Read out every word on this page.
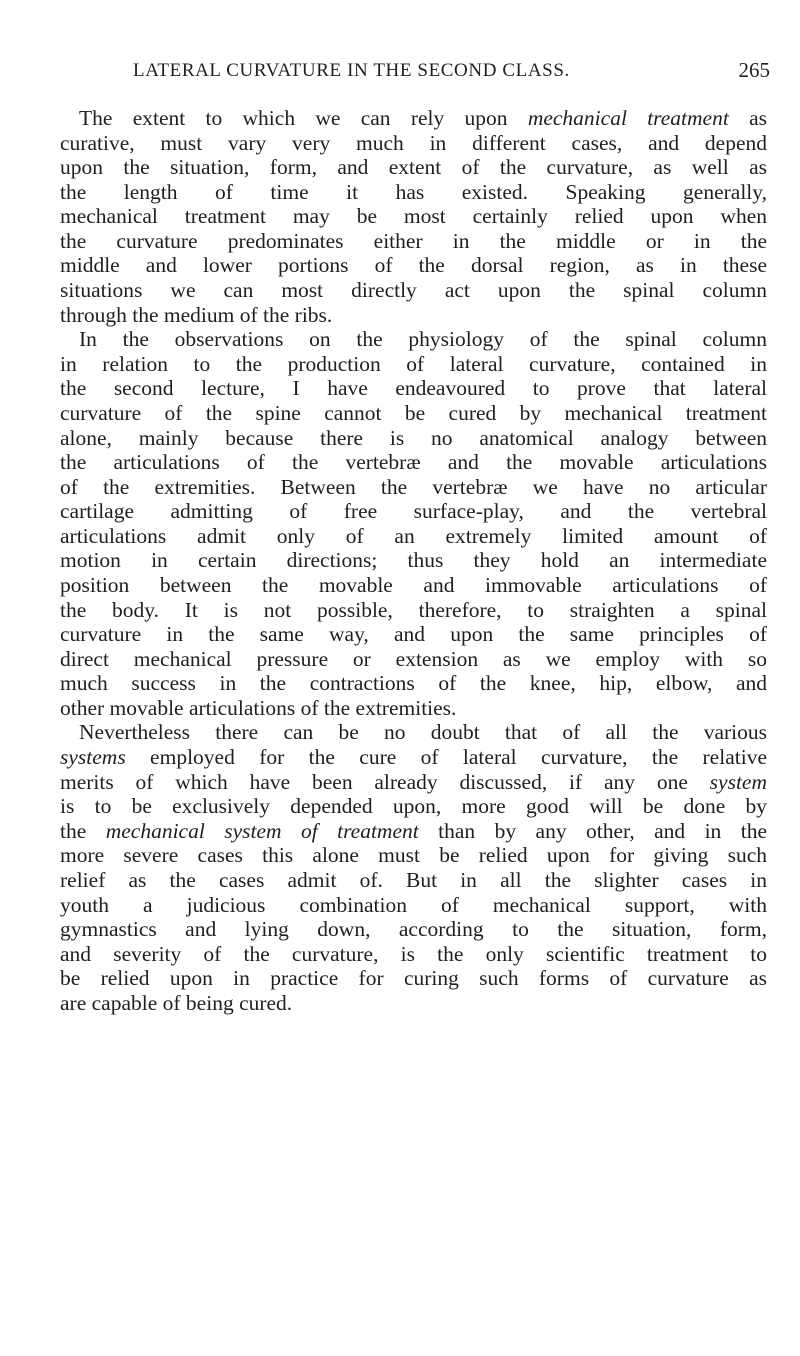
LATERAL CURVATURE IN THE SECOND CLASS.	265
The extent to which we can rely upon mechanical treatment as
curative, must vary very much in different cases, and depend
upon the situation, form, and extent of the curvature, as well as
the length of time it has existed. Speaking generally,
mechanical treatment may be most certainly relied upon when
the curvature predominates either in the middle or in the
middle and lower portions of the dorsal region, as in these
situations we can most directly act upon the spinal column
through the medium of the ribs.
In the observations on the physiology of the spinal column
in relation to the production of lateral curvature, contained in
the second lecture, I have endeavoured to prove that lateral
curvature of the spine cannot be cured by mechanical treatment
alone, mainly because there is no anatomical analogy between
the articulations of the vertebræ and the movable articulations
of the extremities. Between the vertebræ we have no articular
cartilage admitting of free surface-play, and the vertebral
articulations admit only of an extremely limited amount of
motion in certain directions; thus they hold an intermediate
position between the movable and immovable articulations of
the body. It is not possible, therefore, to straighten a spinal
curvature in the same way, and upon the same principles of
direct mechanical pressure or extension as we employ with so
much success in the contractions of the knee, hip, elbow, and
other movable articulations of the extremities.
Nevertheless there can be no doubt that of all the various
systems employed for the cure of lateral curvature, the relative
merits of which have been already discussed, if any one system
is to be exclusively depended upon, more good will be done by
the mechanical system of treatment than by any other, and in the
more severe cases this alone must be relied upon for giving such
relief as the cases admit of. But in all the slighter cases in
youth a judicious combination of mechanical support, with
gymnastics and lying down, according to the situation, form,
and severity of the curvature, is the only scientific treatment to
be relied upon in practice for curing such forms of curvature as
are capable of being cured.
